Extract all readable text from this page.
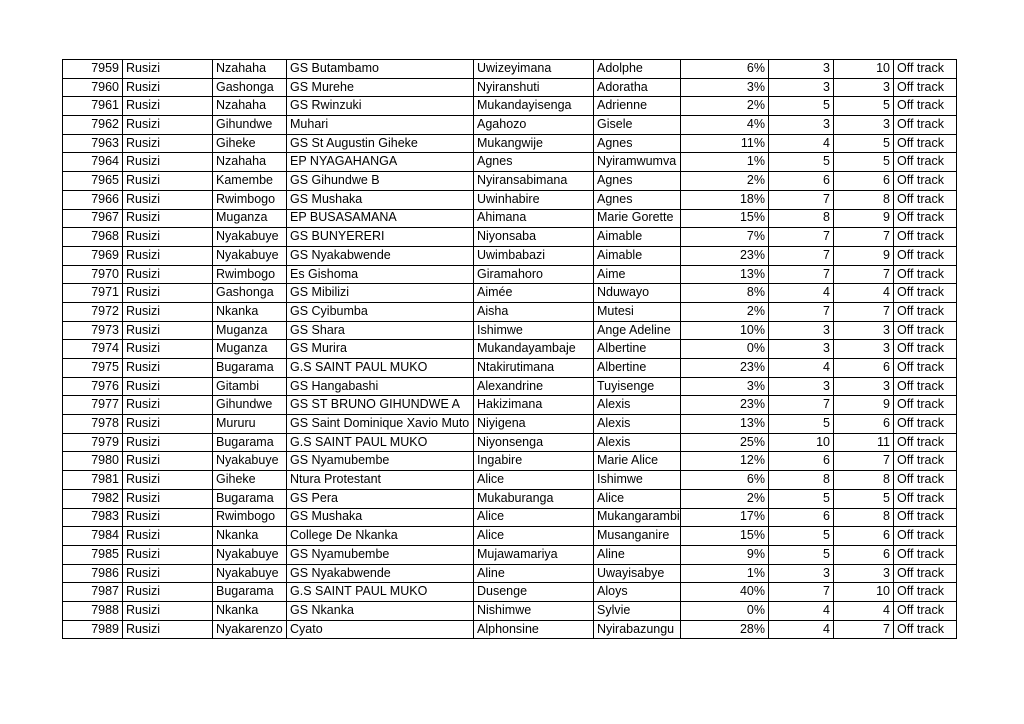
7959	Rusizi	Nzahaha	GS Butambamo	Uwizeyimana	Adolphe	6%	3	10	Off track
7960	Rusizi	Gashonga	GS Murehe	Nyiranshuti	Adoratha	3%	3	3	Off track
7961	Rusizi	Nzahaha	GS Rwinzuki	Mukandayisenga	Adrienne	2%	5	5	Off track
7962	Rusizi	Gihundwe	Muhari	Agahozo	Gisele	4%	3	3	Off track
7963	Rusizi	Giheke	GS St Augustin Giheke	Mukangwije	Agnes	11%	4	5	Off track
7964	Rusizi	Nzahaha	EP NYAGAHANGA	Agnes	Nyiramwumva	1%	5	5	Off track
7965	Rusizi	Kamembe	GS Gihundwe B	Nyiransabimana	Agnes	2%	6	6	Off track
7966	Rusizi	Rwimbogo	GS Mushaka	Uwinhabire	Agnes	18%	7	8	Off track
7967	Rusizi	Muganza	EP BUSASAMANA	Ahimana	Marie Gorette	15%	8	9	Off track
7968	Rusizi	Nyakabuye	GS BUNYERERI	Niyonsaba	Aimable	7%	7	7	Off track
7969	Rusizi	Nyakabuye	GS Nyakabwende	Uwimbabazi	Aimable	23%	7	9	Off track
7970	Rusizi	Rwimbogo	Es Gishoma	Giramahoro	Aime	13%	7	7	Off track
7971	Rusizi	Gashonga	GS Mibilizi	Aimée	Nduwayo	8%	4	4	Off track
7972	Rusizi	Nkanka	GS Cyibumba	Aisha	Mutesi	2%	7	7	Off track
7973	Rusizi	Muganza	GS Shara	Ishimwe	Ange Adeline	10%	3	3	Off track
7974	Rusizi	Muganza	GS Murira	Mukandayambaje	Albertine	0%	3	3	Off track
7975	Rusizi	Bugarama	G.S SAINT PAUL MUKO	Ntakirutimana	Albertine	23%	4	6	Off track
7976	Rusizi	Gitambi	GS Hangabashi	Alexandrine	Tuyisenge	3%	3	3	Off track
7977	Rusizi	Gihundwe	GS ST BRUNO GIHUNDWE A	Hakizimana	Alexis	23%	7	9	Off track
7978	Rusizi	Mururu	GS Saint Dominique Xavio Muto	Niyigena	Alexis	13%	5	6	Off track
7979	Rusizi	Bugarama	G.S SAINT PAUL MUKO	Niyonsenga	Alexis	25%	10	11	Off track
7980	Rusizi	Nyakabuye	GS Nyamubembe	Ingabire	Marie Alice	12%	6	7	Off track
7981	Rusizi	Giheke	Ntura Protestant	Alice	Ishimwe	6%	8	8	Off track
7982	Rusizi	Bugarama	GS Pera	Mukaburanga	Alice	2%	5	5	Off track
7983	Rusizi	Rwimbogo	GS Mushaka	Alice	Mukangarambi	17%	6	8	Off track
7984	Rusizi	Nkanka	College De Nkanka	Alice	Musanganire	15%	5	6	Off track
7985	Rusizi	Nyakabuye	GS Nyamubembe	Mujawamariya	Aline	9%	5	6	Off track
7986	Rusizi	Nyakabuye	GS Nyakabwende	Aline	Uwayisabye	1%	3	3	Off track
7987	Rusizi	Bugarama	G.S SAINT PAUL MUKO	Dusenge	Aloys	40%	7	10	Off track
7988	Rusizi	Nkanka	GS Nkanka	Nishimwe	Sylvie	0%	4	4	Off track
7989	Rusizi	Nyakarenzo	Cyato	Alphonsine	Nyirabazungu	28%	4	7	Off track
